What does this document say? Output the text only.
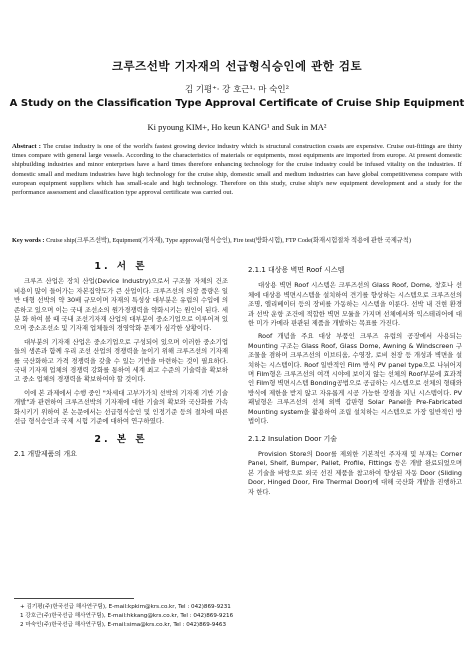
크루즈선박 기자재의 선급형식승인에 관한 검토
김 기평⁺· 강 호근¹· 마 숙인²
A Study on the Classification Type Approval Certificate of Cruise Ship Equipment
Ki pyoung KIM+, Ho keun KANG¹ and Suk in MA²
Abstract : The cruise industry is one of the world's fastest growing device industry which is structural construction coasts are expensive. Cruise out-fittings are thirty times compare with general large vessels. According to the characteristics of materials or equipments, most equipments are imported from europe. At present domestic shipbuilding industries and minor enterprises have a hard times therefore enhancing technology for the cruise industry could be infused vitality on the industries. If domestic small and medium industries have high technology for the cruise ship, domestic small and medium industries can have global competitiveness compare with european equipment suppliers which has small-scale and high technology. Therefore on this study, cruise ship's new equipment development and a study for the performance assessment and classification type approval certificate was carried out.
Key words : Cruise ship(크루즈선박), Equipment(기자재), Type approval(형식승인), Fire test(방화시험), FTP Code(화재시험절차 적용에 관한 국제규칙)
1. 서 론

크루즈 산업은 장치 산업(Device Industry)으로서 구조물 자체의 건조 비용이 많이 들어가는 자본집약도가 큰 산업이다. 크루즈선의 의장 품량은 일반 대형 선박의 약 30배 규모이며 자재의 특성상 대부분은 유럽의 수입에 의존하고 있으며 이는 국내 조선소의 원가경쟁력을 약화시키는 원인이 된다. 세분 화 하여 볼 때 국내 조선기자재 산업의 대부분이 중소기업으로 이루어져 있으며 중소조선소 및 기자재 업체들의 경영악화 문제가 심각한 상황이다.

대부분의 기자재 산업은 중소기업으로 구성되어 있으며 이러한 중소기업들의 생존과 함께 우리 조선 산업의 경쟁력을 높이기 위해 크루즈선의 기자재를 국산화하고 가격 경쟁력을 갖출 수 있는 기반을 마련하는 것이 필요하다. 국내 기자재 업체의 경쟁력 강화를 통하여 세계 최고 수준의 기술력을 확보하고 중소 업체의 경쟁력을 확보하여야 할 것이다.

이에 본 과제에서 수행 중인 "차세대 고부가가치 선박의 기자재 기반 기술 개발"과 관련하여 크루즈선박의 기자재에 대한 기술의 확보와 국산화를 가속화시키기 위하여 본 논문에서는 선급형식승인 및 인정기준 등의 절차에 따른 선급 형식승인과 국제 시험 기준에 대하여 연구하였다.

2. 본 론
2.1 개발제품의 개요
2.1.1 대상용 벽면 Roof 시스템

대상용 벽면 Roof 시스템은 크루즈선의 Glass Roof, Dome, 창호나 선체에 대상용 벽면시스템을 설치하여 견기를 향상하는 시스템으로 크루즈선의 조명, 엘리베이터 등의 장비를 가동하는 시스템을 이룬다. 선박 내 건현 환경과 선박 운항 조건에 적합한 벽면 모듈을 가지며 선체에서와 익스테리어에 대한 미가 카메라 판관된 제품을 개발하는 목표를 가진다.

Roof 개념을 주요 대상 부품인 크루즈 유럽의 공장에서 사용되는 Mounting 구조는 Glass Roof, Glass Dome, Awning & Windscreen 구조물을 겸하며 크루즈선의 이브티움, 수영장, 로비 천장 등 개성과 벽면을 설치하는 시스템이다. Roof 일반적인 Film 방식 PV panel type으로 나뉘어지며 Film형은 크루즈선의 여객 시야에 보이지 않는 선체의 Roof부분에 효과적인 Film형 벽면시스템 Bonding공법으로 공급하는 시스템으로 선체의 형태와 방식에 제한을 받지 않고 자유롭게 시공 가능한 장점을 지닌 시스템이다. PV 패널형은 크루즈선의 선체 외벽 갑판형 Solar Panel을 Pre-Fabricated Mounting system을 활용하여 조립 설치하는 시스템으로 가장 일반적인 방법이다.

2.1.2 Insulation Door 기술

Provision Store의 Door를 제외한 기본적인 주자재 및 부재는 Corner Panel, Shelf, Bumper, Pallet, Profile, Fittings 등은 개발 완료되었으며 본 기술을 바탕으로 외국 선진 제품을 참고하여 향상된 자동 Door (Sliding Door, Hinged Door, Fire Thermal Door)에 대해 국산화 개발을 진행하고자 한다.

+ 김기평(주)한국선급 해사연구팀), E-mail:kpkim@krs.co.kr, Tel : 042)869-9231
1 강호근(주)한국선급 해사연구팀), E-mail:hkkang@krs.co.kr, Tel : 042)869-9216
2 마숙인(주)한국선급 해사연구팀), E-mail:sima@krs.co.kr, Tel : 042)869-9463
